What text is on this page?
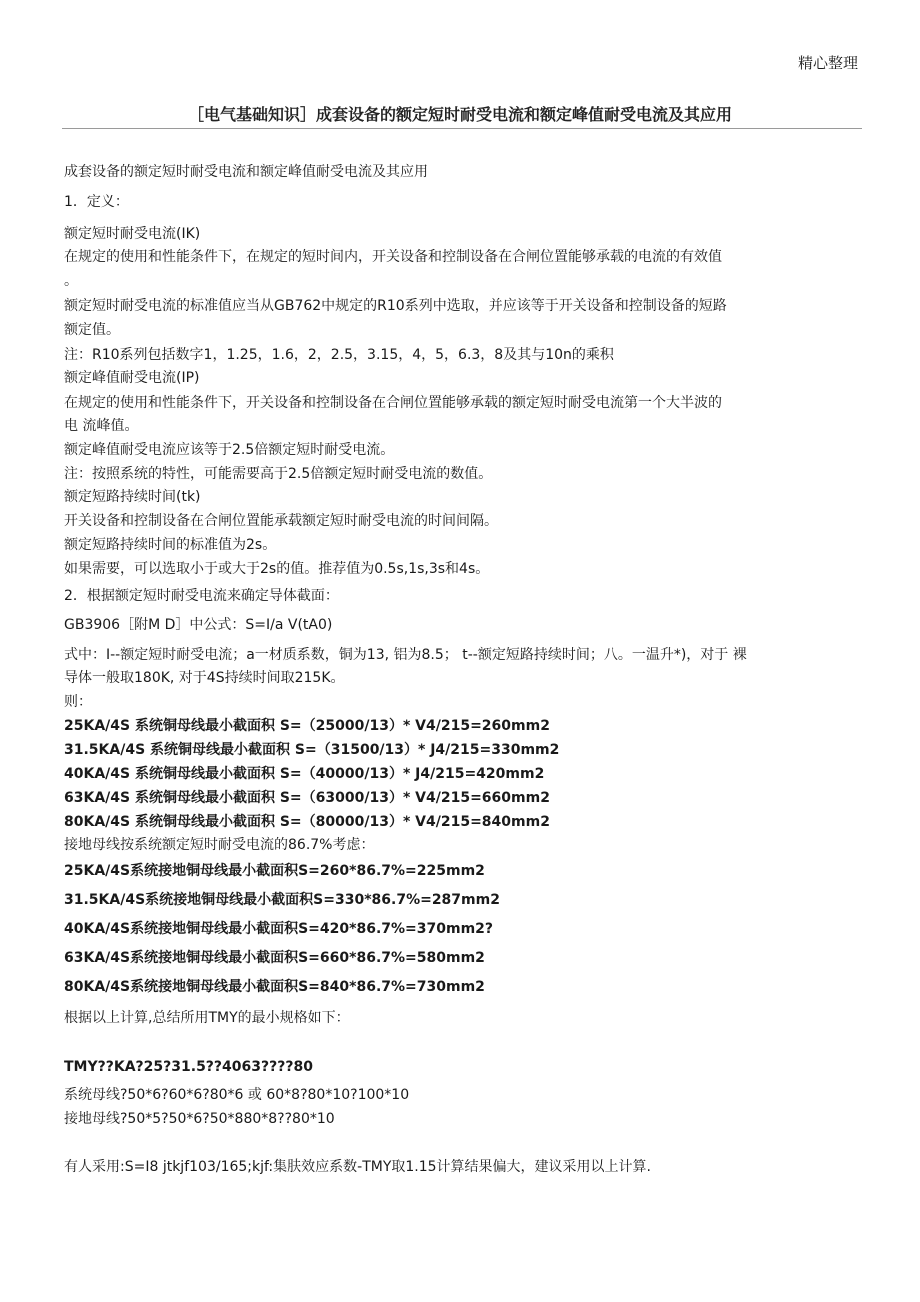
精心整理
［电气基础知识］成套设备的额定短时耐受电流和额定峰值耐受电流及其应用
成套设备的额定短时耐受电流和额定峰值耐受电流及其应用
1．定义：
额定短时耐受电流(IK)
在规定的使用和性能条件下，在规定的短时间内，开关设备和控制设备在合闸位置能够承载的电流的有效值
。
额定短时耐受电流的标准值应当从GB762中规定的R10系列中选取，并应该等于开关设备和控制设备的短路
额定值。
注：R10系列包括数字1，1.25，1.6，2，2.5，3.15，4，5，6.3，8及其与10n的乘积
额定峰值耐受电流(IP)
在规定的使用和性能条件下，开关设备和控制设备在合闸位置能够承载的额定短时耐受电流第一个大半波的
电 流峰值。
额定峰值耐受电流应该等于2.5倍额定短时耐受电流。
注：按照系统的特性，可能需要高于2.5倍额定短时耐受电流的数值。
额定短路持续时间(tk)
开关设备和控制设备在合闸位置能承载额定短时耐受电流的时间间隔。
额定短路持续时间的标准值为2s。
如果需要，可以选取小于或大于2s的值。推荐值为0.5s,1s,3s和4s。
2．根据额定短时耐受电流来确定导体截面：
GB3906［附M D］中公式：S=I/a V(tA0)
式中：I--额定短时耐受电流；a一材质系数，铜为13, 铝为8.5； t--额定短路持续时间；八。一温升*)，对于 裸
导体一般取180K, 对于4S持续时间取215K。
则：
25KA/4S 系统铜母线最小截面积 S=（25000/13）* V4/215=260mm2
31.5KA/4S 系统铜母线最小截面积 S=（31500/13）* J4/215=330mm2
40KA/4S 系统铜母线最小截面积 S=（40000/13）* J4/215=420mm2
63KA/4S 系统铜母线最小截面积 S=（63000/13）* V4/215=660mm2
80KA/4S 系统铜母线最小截面积 S=（80000/13）* V4/215=840mm2
接地母线按系统额定短时耐受电流的86.7%考虑：
25KA/4S系统接地铜母线最小截面积S=260*86.7%=225mm2
31.5KA/4S系统接地铜母线最小截面积S=330*86.7%=287mm2
40KA/4S系统接地铜母线最小截面积S=420*86.7%=370mm2?
63KA/4S系统接地铜母线最小截面积S=660*86.7%=580mm2
80KA/4S系统接地铜母线最小截面积S=840*86.7%=730mm2
根据以上计算,总结所用TMY的最小规格如下：
TMY??KA?25?31.5??4063????80
系统母线?50*6?60*6?80*6 或 60*8?80*10?100*10
接地母线?50*5?50*6?50*880*8??80*10
有人采用:S=I8 jtkjf103/165;kjf:集肤效应系数-TMY取1.15计算结果偏大，建议采用以上计算.
